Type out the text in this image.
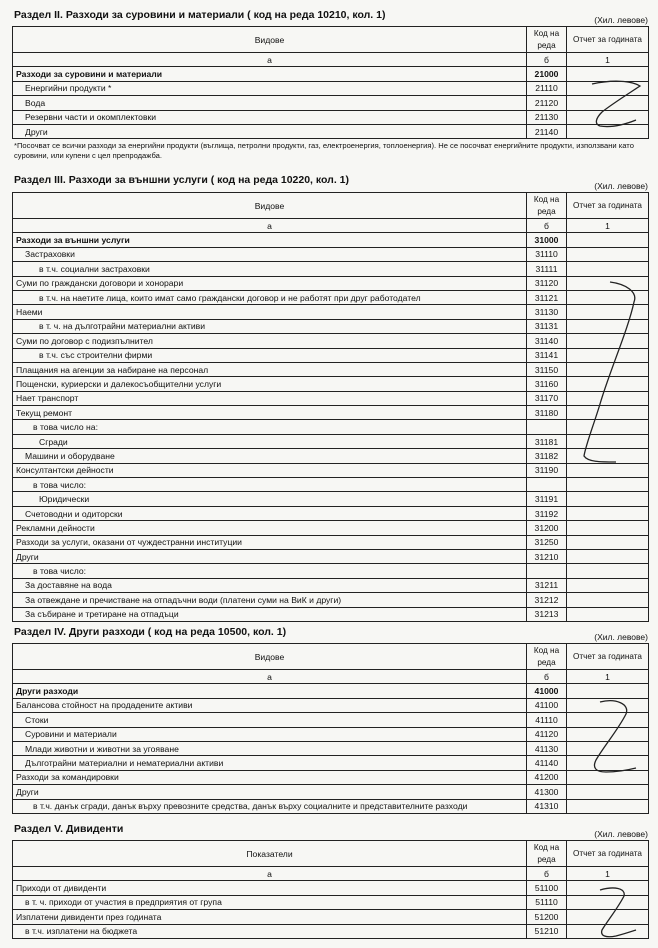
Раздел II. Разходи за суровини и материали ( код на реда 10210, кол. 1)	(Хил. левове)
Видове	Код на реда	Отчет за годината
а	б	1
Разходи за суровини и материали	21000	
Енергийни продукти *	21110	
Вода	21120	
Резервни части и окомплектовки	21130	
Други	21140	
*Посочват се всички разходи за енергийни продукти (въглища, петролни продукти, газ, електроенергия, топлоенергия). Не се посочват енергийните продукти, използвани като суровини, или купени с цел препродажба.
Раздел III. Разходи за външни услуги ( код на реда 10220, кол. 1)	(Хил. левове)
Видове	Код на реда	Отчет за годината
а	б	1
Разходи за външни услуги	31000	
Застраховки	31110	
в т.ч. социални застраховки	31111	
Суми по граждански договори и хонорари	31120	
в т.ч. на наетите лица, които имат само граждански договор и не работят при друг работодател	31121	
Наеми	31130	
в т. ч. на дълготрайни материални активи	31131	
Суми по договор с подизпълнител	31140	
в т.ч. със строителни фирми	31141	
Плащания на агенции за набиране на персонал	31150	
Пощенски, куриерски и далекосъобщителни услуги	31160	
Нает транспорт	31170	
Текущ ремонт	31180	
в това число на:		
Сгради	31181	
Машини и оборудване	31182	
Консултантски дейности	31190	
в това число:		
Юридически	31191	
Счетоводни и одиторски	31192	
Рекламни дейности	31200	
Разходи за услуги, оказани от чуждестранни институции	31250	
Други	31210	
в това число:		
За доставяне на вода	31211	
За отвеждане и пречистване на отпадъчни води (платени суми на ВиК и други)	31212	
За събиране и третиране на отпадъци	31213	
Раздел IV. Други разходи ( код на реда 10500, кол. 1)	(Хил. левове)
Видове	Код на реда	Отчет за годината
а	б	1
Други разходи	41000	
Балансова стойност на продадените активи	41100	
Стоки	41110	
Суровини и материали	41120	
Млади животни и животни за угояване	41130	
Дълготрайни материални и нематериални активи	41140	
Разходи за командировки	41200	
Други	41300	
в т.ч. данък сгради, данък върху превозните средства, данък върху социалните и представителните разходи	41310	
Раздел V. Дивиденти	(Хил. левове)
Показатели	Код на реда	Отчет за годината
а	б	1
Приходи от дивиденти	51100	
в т. ч. приходи от участия в предприятия от група	51110	
Изплатени дивиденти през годината	51200	
в т.ч. изплатени на бюджета	51210	
